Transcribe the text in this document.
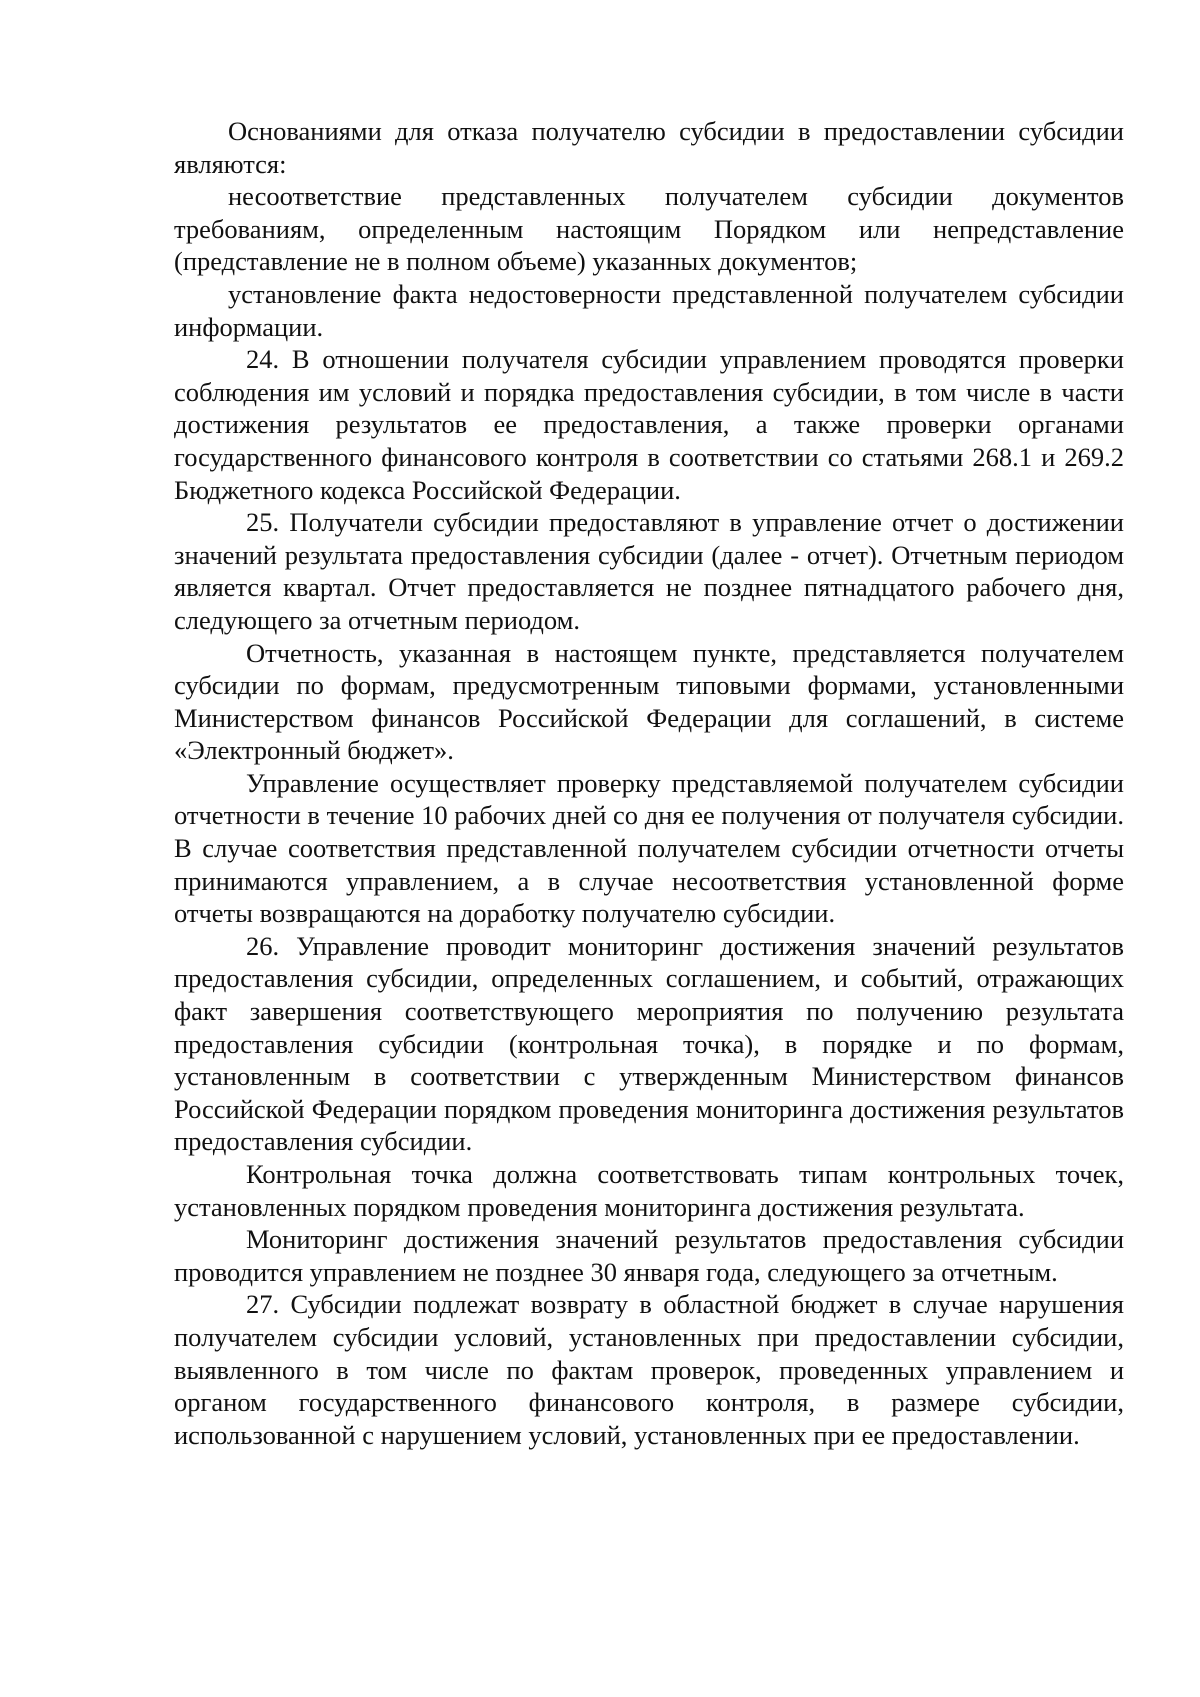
Основаниями для отказа получателю субсидии в предоставлении субсидии являются:

несоответствие представленных получателем субсидии документов требованиям, определенным настоящим Порядком или непредставление (представление не в полном объеме) указанных документов;

установление факта недостоверности представленной получателем субсидии информации.

24. В отношении получателя субсидии управлением проводятся проверки соблюдения им условий и порядка предоставления субсидии, в том числе в части достижения результатов ее предоставления, а также проверки органами государственного финансового контроля в соответствии со статьями 268.1 и 269.2 Бюджетного кодекса Российской Федерации.

25. Получатели субсидии предоставляют в управление отчет о достижении значений результата предоставления субсидии (далее - отчет). Отчетным периодом является квартал. Отчет предоставляется не позднее пятнадцатого рабочего дня, следующего за отчетным периодом.

Отчетность, указанная в настоящем пункте, представляется получателем субсидии по формам, предусмотренным типовыми формами, установленными Министерством финансов Российской Федерации для соглашений, в системе «Электронный бюджет».

Управление осуществляет проверку представляемой получателем субсидии отчетности в течение 10 рабочих дней со дня ее получения от получателя субсидии. В случае соответствия представленной получателем субсидии отчетности отчеты принимаются управлением, а в случае несоответствия установленной форме отчеты возвращаются на доработку получателю субсидии.

26. Управление проводит мониторинг достижения значений результатов предоставления субсидии, определенных соглашением, и событий, отражающих факт завершения соответствующего мероприятия по получению результата предоставления субсидии (контрольная точка), в порядке и по формам, установленным в соответствии с утвержденным Министерством финансов Российской Федерации порядком проведения мониторинга достижения результатов предоставления субсидии.

Контрольная точка должна соответствовать типам контрольных точек, установленных порядком проведения мониторинга достижения результата.

Мониторинг достижения значений результатов предоставления субсидии проводится управлением не позднее 30 января года, следующего за отчетным.

27. Субсидии подлежат возврату в областной бюджет в случае нарушения получателем субсидии условий, установленных при предоставлении субсидии, выявленного в том числе по фактам проверок, проведенных управлением и органом государственного финансового контроля, в размере субсидии, использованной с нарушением условий, установленных при ее предоставлении.
